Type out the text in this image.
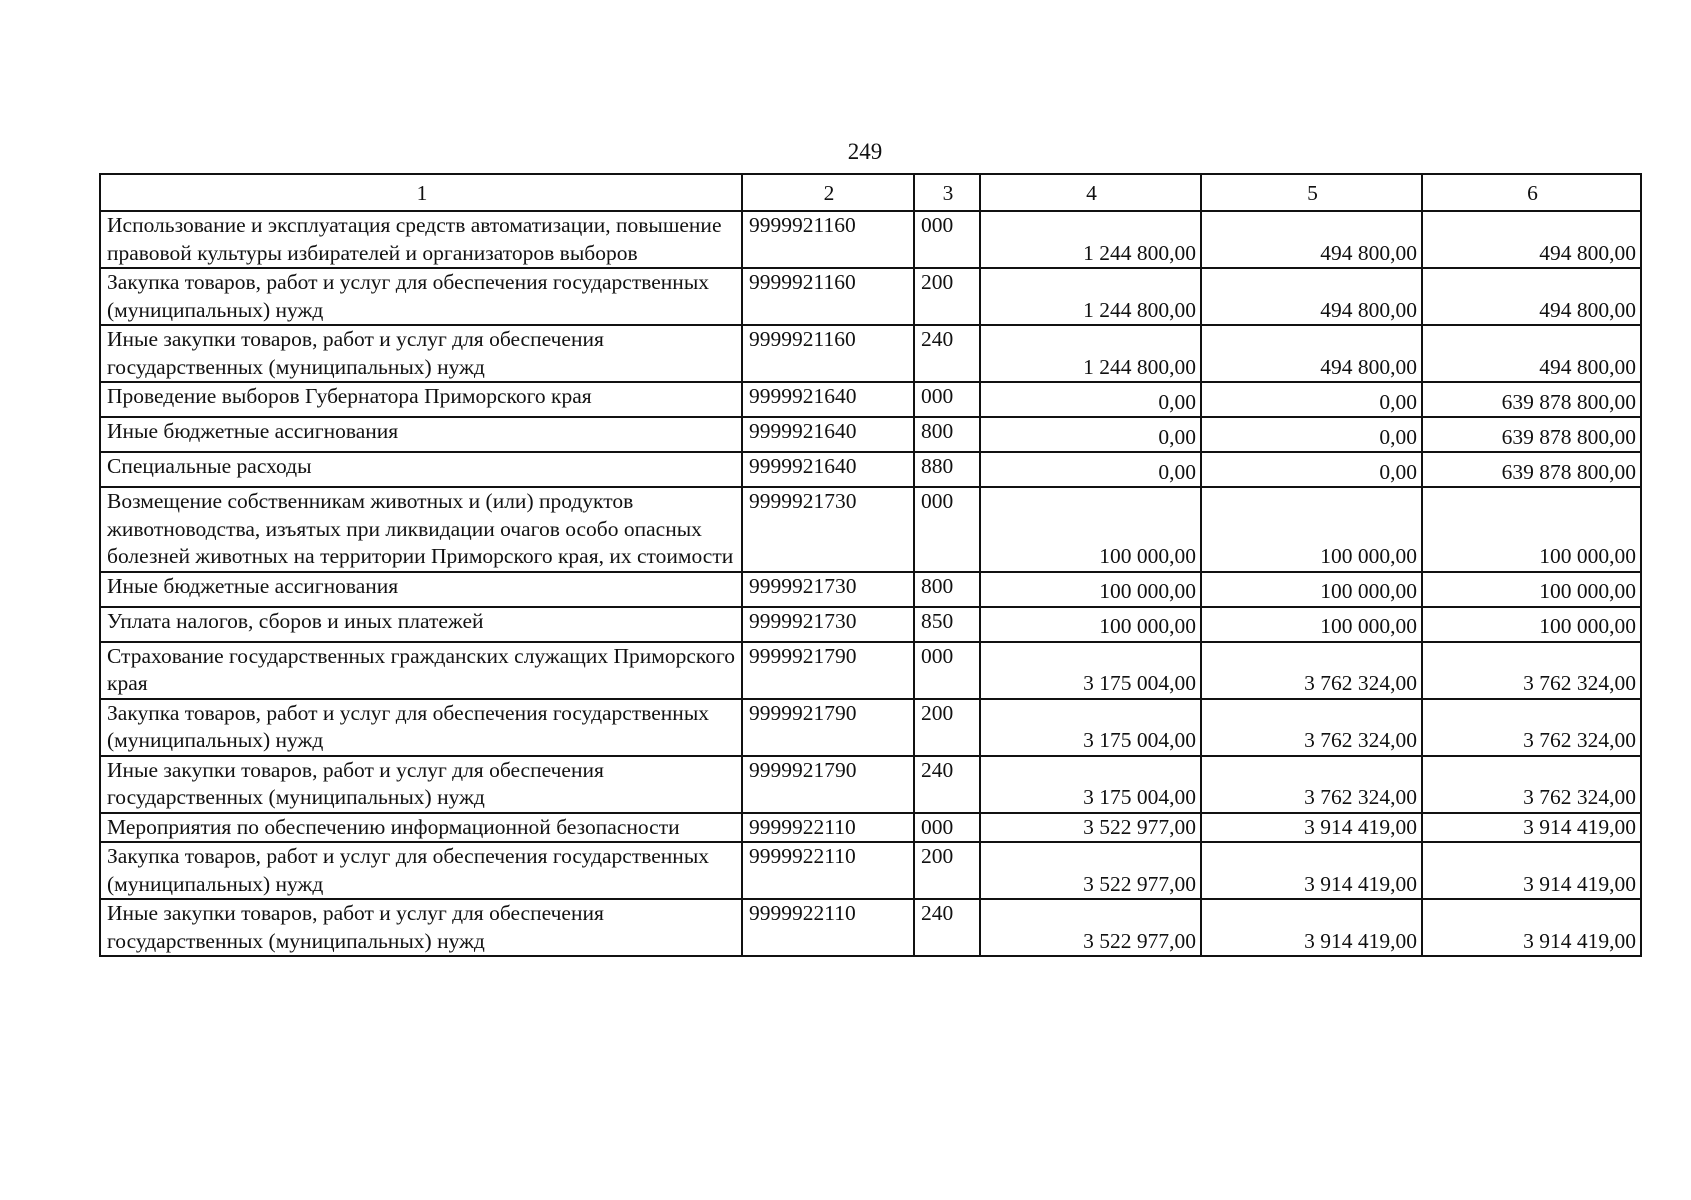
249
1	2	3	4	5	6
Использование и эксплуатация средств автоматизации, повышение правовой культуры избирателей и организаторов выборов	9999921160	000	1 244 800,00	494 800,00	494 800,00
Закупка товаров, работ и услуг для обеспечения государственных (муниципальных) нужд	9999921160	200	1 244 800,00	494 800,00	494 800,00
Иные закупки товаров, работ и услуг для обеспечения государственных (муниципальных) нужд	9999921160	240	1 244 800,00	494 800,00	494 800,00
Проведение выборов Губернатора Приморского края	9999921640	000	0,00	0,00	639 878 800,00
Иные бюджетные ассигнования	9999921640	800	0,00	0,00	639 878 800,00
Специальные расходы	9999921640	880	0,00	0,00	639 878 800,00
Возмещение собственникам животных и (или) продуктов животноводства, изъятых при ликвидации очагов особо опасных болезней животных на территории Приморского края, их стоимости	9999921730	000	100 000,00	100 000,00	100 000,00
Иные бюджетные ассигнования	9999921730	800	100 000,00	100 000,00	100 000,00
Уплата налогов, сборов и иных платежей	9999921730	850	100 000,00	100 000,00	100 000,00
Страхование государственных гражданских служащих Приморского края	9999921790	000	3 175 004,00	3 762 324,00	3 762 324,00
Закупка товаров, работ и услуг для обеспечения государственных (муниципальных) нужд	9999921790	200	3 175 004,00	3 762 324,00	3 762 324,00
Иные закупки товаров, работ и услуг для обеспечения государственных (муниципальных) нужд	9999921790	240	3 175 004,00	3 762 324,00	3 762 324,00
Мероприятия по обеспечению информационной безопасности	9999922110	000	3 522 977,00	3 914 419,00	3 914 419,00
Закупка товаров, работ и услуг для обеспечения государственных (муниципальных) нужд	9999922110	200	3 522 977,00	3 914 419,00	3 914 419,00
Иные закупки товаров, работ и услуг для обеспечения государственных (муниципальных) нужд	9999922110	240	3 522 977,00	3 914 419,00	3 914 419,00
